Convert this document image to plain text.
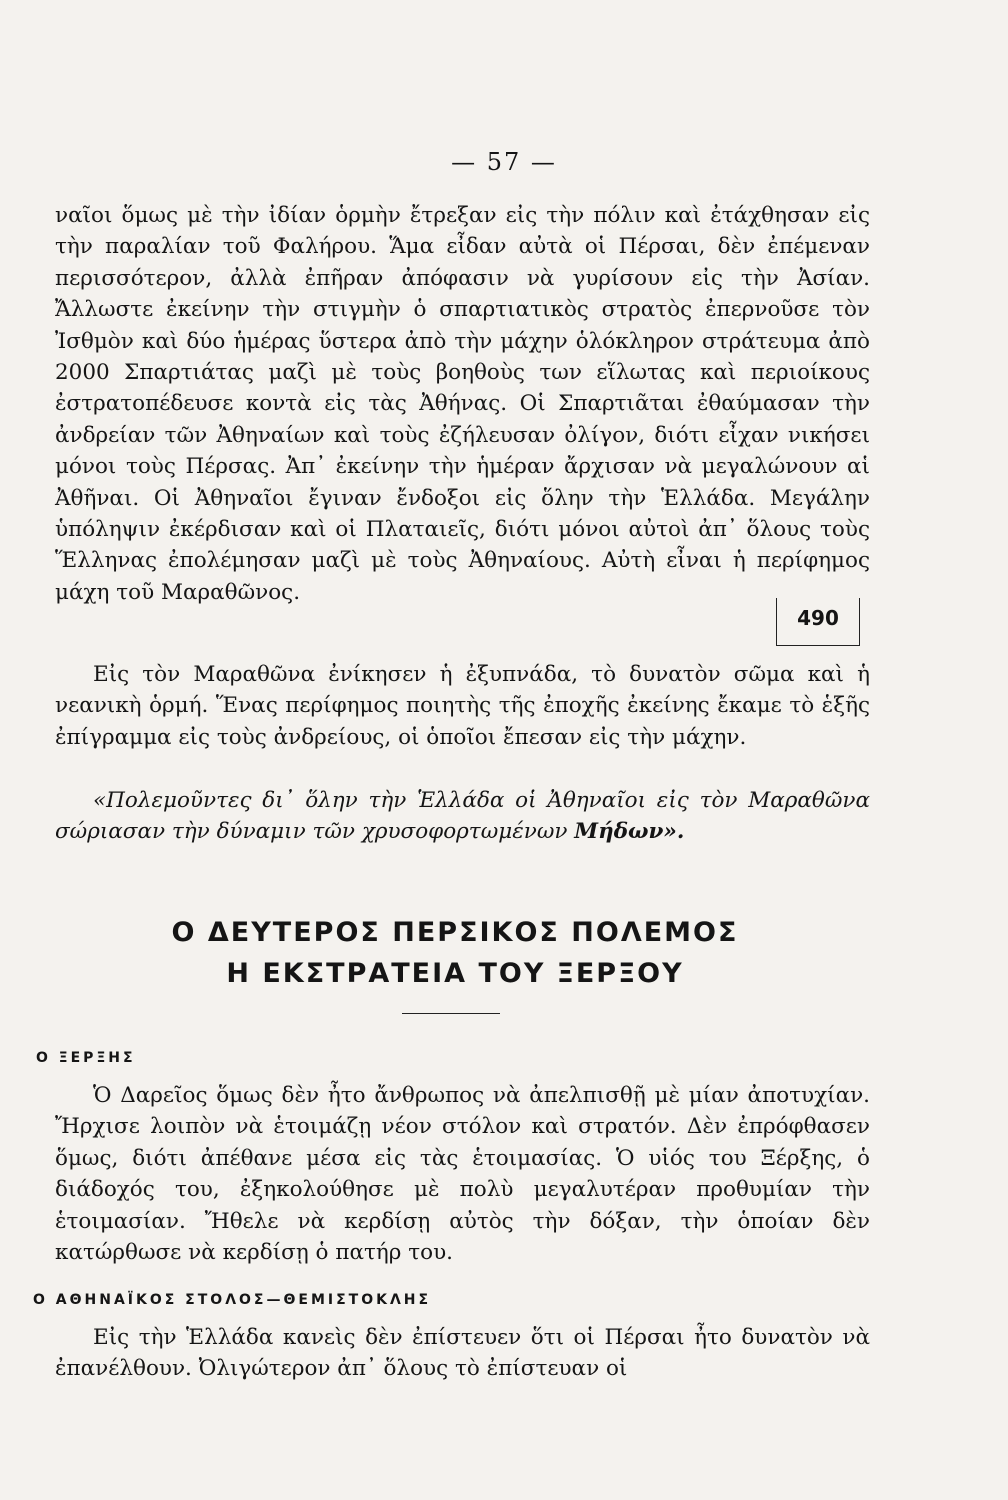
— 57 —

ναῖοι ὅμως μὲ τὴν ἰδίαν ὁρμὴν ἔτρεξαν εἰς τὴν πόλιν καὶ ἐτάχθησαν εἰς τὴν παραλίαν τοῦ Φαλήρου. Ἅμα εἶδαν αὐτὰ οἱ Πέρσαι, δὲν ἐπέμεναν περισσότερον, ἀλλὰ ἐπῆραν ἀπόφασιν νὰ γυρίσουν εἰς τὴν Ἀσίαν. Ἄλλωστε ἐκείνην τὴν στιγμὴν ὁ σπαρτιατικὸς στρατὸς ἐπερνοῦσε τὸν Ἰσθμὸν καὶ δύο ἡμέρας ὕστερα ἀπὸ τὴν μάχην ὁλόκληρον στράτευμα ἀπὸ 2000 Σπαρτιάτας μαζὶ μὲ τοὺς βοηθοὺς των εἵλωτας καὶ περιοίκους ἐστρατοπέδευσε κοντὰ εἰς τὰς Ἀθήνας. Οἱ Σπαρτιᾶται ἐθαύμασαν τὴν ἀνδρείαν τῶν Ἀθηναίων καὶ τοὺς ἐζήλευσαν ὀλίγον, διότι εἶχαν νικήσει μόνοι τοὺς Πέρσας. Ἀπ᾿ ἐκείνην τὴν ἡμέραν ἄρχισαν νὰ μεγαλώνουν αἱ Ἀθῆναι. Οἱ Ἀθηναῖοι ἔγιναν ἔνδοξοι εἰς ὅλην τὴν Ἑλλάδα. Μεγάλην ὑπόληψιν ἐκέρδισαν καὶ οἱ Πλαταιεῖς, διότι μόνοι αὐτοὶ ἀπ᾿ ὅλους τοὺς Ἕλληνας ἐπολέμησαν μαζὶ μὲ τοὺς Ἀθηναίους. Αὐτὴ εἶναι ἡ περίφημος μάχη τοῦ Μαραθῶνος.

490

Εἰς τὸν Μαραθῶνα ἐνίκησεν ἡ ἐξυπνάδα, τὸ δυνατὸν σῶμα καὶ ἡ νεανικὴ ὁρμή. Ἕνας περίφημος ποιητὴς τῆς ἐποχῆς ἐκείνης ἔκαμε τὸ ἑξῆς ἐπίγραμμα εἰς τοὺς ἀνδρείους, οἱ ὁποῖοι ἔπεσαν εἰς τὴν μάχην.

«Πολεμοῦντες δι᾿ ὅλην τὴν Ἑλλάδα οἱ Ἀθηναῖοι εἰς τὸν Μαραθῶνα σώριασαν τὴν δύναμιν τῶν χρυσοφορτωμένων Μήδων».

Ο ΔΕΥΤΕΡΟΣ ΠΕΡΣΙΚΟΣ ΠΟΛΕΜΟΣ
Η ΕΚΣΤΡΑΤΕΙΑ ΤΟΥ ΞΕΡΞΟΥ
Ο ΞΕΡΞΗΣ

Ὁ Δαρεῖος ὅμως δὲν ἦτο ἄνθρωπος νὰ ἀπελπισθῇ μὲ μίαν ἀποτυχίαν. Ἤρχισε λοιπὸν νὰ ἑτοιμάζῃ νέον στόλον καὶ στρατόν. Δὲν ἐπρόφθασεν ὅμως, διότι ἀπέθανε μέσα εἰς τὰς ἑτοιμασίας. Ὁ υἱός του Ξέρξης, ὁ διάδοχός του, ἐξηκολούθησε μὲ πολὺ μεγαλυτέραν προθυμίαν τὴν ἑτοιμασίαν. Ἤθελε νὰ κερδίσῃ αὐτὸς τὴν δόξαν, τὴν ὁποίαν δὲν κατώρθωσε νὰ κερδίσῃ ὁ πατήρ του.

Ο ΑΘΗΝΑΪΚΟΣ ΣΤΟΛΟΣ—ΘΕΜΙΣΤΟΚΛΗΣ

Εἰς τὴν Ἑλλάδα κανεὶς δὲν ἐπίστευεν ὅτι οἱ Πέρσαι ἦτο δυνατὸν νὰ ἐπανέλθουν. Ὀλιγώτερον ἀπ᾿ ὅλους τὸ ἐπίστευαν οἱ
